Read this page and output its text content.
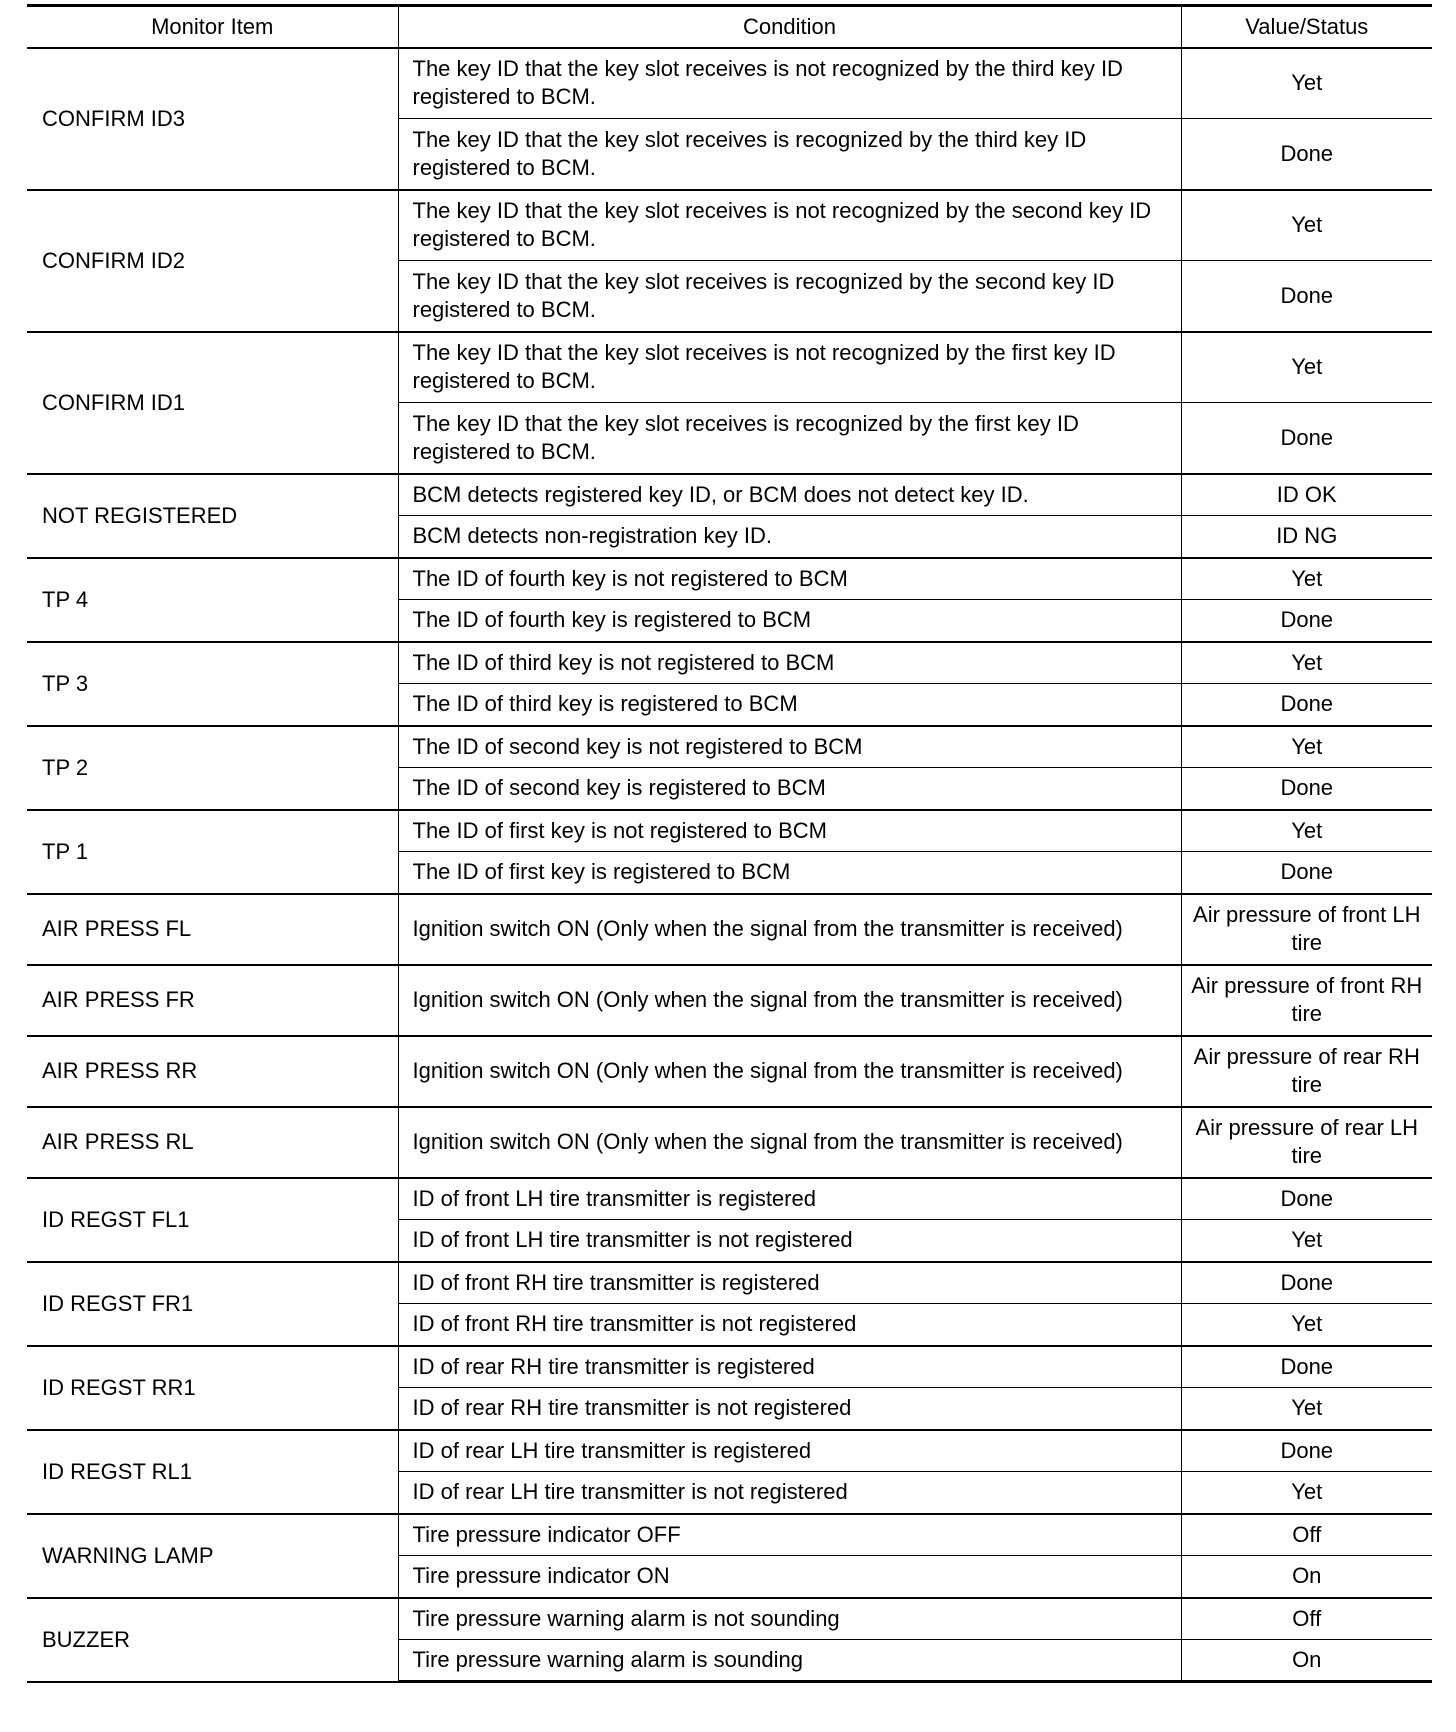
Monitor Item	Condition	Value/Status
CONFIRM ID3	The key ID that the key slot receives is not recognized by the third key ID registered to BCM.	Yet
	The key ID that the key slot receives is recognized by the third key ID registered to BCM.	Done
CONFIRM ID2	The key ID that the key slot receives is not recognized by the second key ID registered to BCM.	Yet
	The key ID that the key slot receives is recognized by the second key ID registered to BCM.	Done
CONFIRM ID1	The key ID that the key slot receives is not recognized by the first key ID registered to BCM.	Yet
	The key ID that the key slot receives is recognized by the first key ID registered to BCM.	Done
NOT REGISTERED	BCM detects registered key ID, or BCM does not detect key ID.	ID OK
	BCM detects non-registration key ID.	ID NG
TP 4	The ID of fourth key is not registered to BCM	Yet
	The ID of fourth key is registered to BCM	Done
TP 3	The ID of third key is not registered to BCM	Yet
	The ID of third key is registered to BCM	Done
TP 2	The ID of second key is not registered to BCM	Yet
	The ID of second key is registered to BCM	Done
TP 1	The ID of first key is not registered to BCM	Yet
	The ID of first key is registered to BCM	Done
AIR PRESS FL	Ignition switch ON (Only when the signal from the transmitter is received)	Air pressure of front LH tire
AIR PRESS FR	Ignition switch ON (Only when the signal from the transmitter is received)	Air pressure of front RH tire
AIR PRESS RR	Ignition switch ON (Only when the signal from the transmitter is received)	Air pressure of rear RH tire
AIR PRESS RL	Ignition switch ON (Only when the signal from the transmitter is received)	Air pressure of rear LH tire
ID REGST FL1	ID of front LH tire transmitter is registered	Done
	ID of front LH tire transmitter is not registered	Yet
ID REGST FR1	ID of front RH tire transmitter is registered	Done
	ID of front RH tire transmitter is not registered	Yet
ID REGST RR1	ID of rear RH tire transmitter is registered	Done
	ID of rear RH tire transmitter is not registered	Yet
ID REGST RL1	ID of rear LH tire transmitter is registered	Done
	ID of rear LH tire transmitter is not registered	Yet
WARNING LAMP	Tire pressure indicator OFF	Off
	Tire pressure indicator ON	On
BUZZER	Tire pressure warning alarm is not sounding	Off
	Tire pressure warning alarm is sounding	On
